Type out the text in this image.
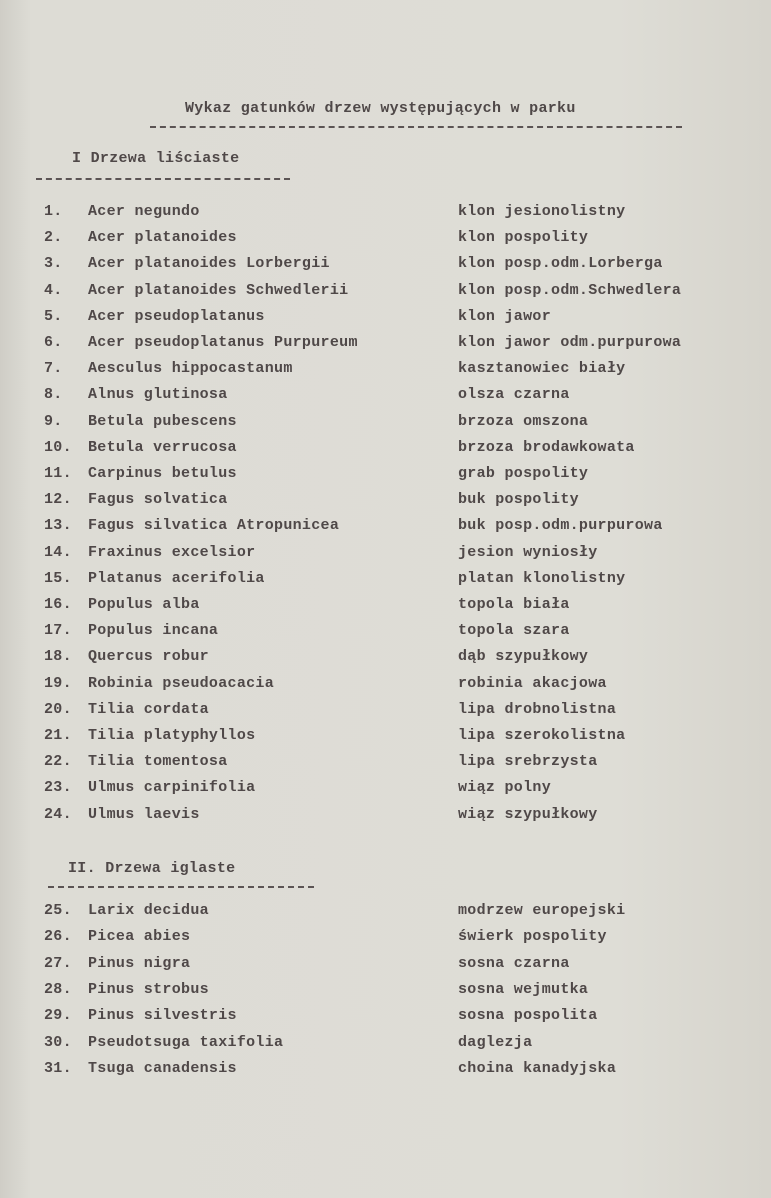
Wykaz gatunków drzew występujących w parku
I Drzewa liściaste
II. Drzewa iglaste
1. Acer negundo	klon jesionolistny
2. Acer platanoides	klon pospolity
3. Acer platanoides Lorbergii	klon posp.odm.Lorberga
4. Acer platanoides Schwedlerii	klon posp.odm.Schwedlera
5. Acer pseudoplatanus	klon jawor
6. Acer pseudoplatanus Purpureum	klon jawor odm.purpurowa
7. Aesculus hippocastanum	kasztanowiec biały
8. Alnus glutinosa	olsza czarna
9. Betula pubescens	brzoza omszona
10. Betula verrucosa	brzoza brodawkowata
11. Carpinus betulus	grab pospolity
12. Fagus solvatica	buk pospolity
13. Fagus silvatica Atropunicea	buk posp.odm.purpurowa
14. Fraxinus excelsior	jesion wyniosły
15. Platanus acerifolia	platan klonolistny
16. Populus alba	topola biała
17. Populus incana	topola szara
18. Quercus robur	dąb szypułkowy
19. Robinia pseudoacacia	robinia akacjowa
20. Tilia cordata	lipa drobnolistna
21. Tilia platyphyllos	lipa szerokolistna
22. Tilia tomentosa	lipa srebrzysta
23. Ulmus carpinifolia	wiąz polny
24. Ulmus laevis	wiąz szypułkowy
25. Larix decidua	modrzew europejski
26. Picea abies	świerk pospolity
27. Pinus nigra	sosna czarna
28. Pinus strobus	sosna wejmutka
29. Pinus silvestris	sosna pospolita
30. Pseudotsuga taxifolia	daglezja
31. Tsuga canadensis	choina kanadyjska
